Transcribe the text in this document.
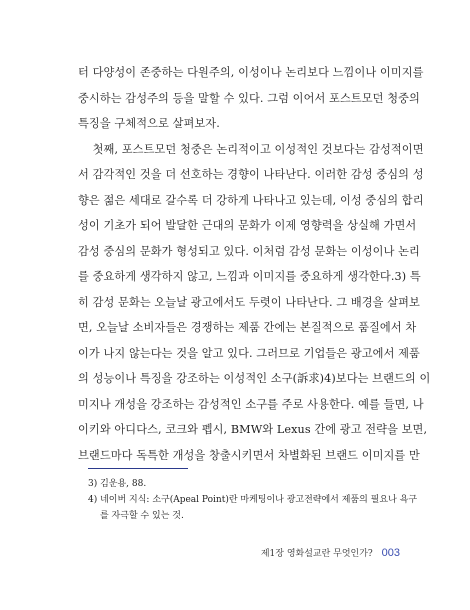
터 다양성이 존중하는 다원주의, 이성이나 논리보다 느낌이나 이미지를
중시하는 감성주의 등을 말할 수 있다. 그럼 이어서 포스트모던 청중의
특징을 구체적으로 살펴보자.
첫째, 포스트모던 청중은 논리적이고 이성적인 것보다는 감성적이면
서 감각적인 것을 더 선호하는 경향이 나타난다. 이러한 감성 중심의 성
향은 젊은 세대로 갈수록 더 강하게 나타나고 있는데, 이성 중심의 합리
성이 기초가 되어 발달한 근대의 문화가 이제 영향력을 상실해 가면서
감성 중심의 문화가 형성되고 있다. 이처럼 감성 문화는 이성이나 논리
를 중요하게 생각하지 않고, 느낌과 이미지를 중요하게 생각한다.3) 특
히 감성 문화는 오늘날 광고에서도 두렷이 나타난다. 그 배경을 살펴보
면, 오늘날 소비자들은 경쟁하는 제품 간에는 본질적으로 품질에서 차
이가 나지 않는다는 것을 알고 있다. 그러므로 기업들은 광고에서 제품
의 성능이나 특징을 강조하는 이성적인 소구(訴求)4)보다는 브랜드의 이
미지나 개성을 강조하는 감성적인 소구를 주로 사용한다. 예를 들면, 나
이키와 아디다스, 코크와 펩시, BMW와 Lexus 간에 광고 전략을 보면,
브랜드마다 독특한 개성을 창출시키면서 차별화된 브랜드 이미지를 만
3) 김운용, 88.
4) 네이버 지식: 소구(Apeal Point)란 마케팅이나 광고전략에서 제품의 필요나 욕구
를 자극할 수 있는 것.
제1장 영화설교란 무엇인가? 003
